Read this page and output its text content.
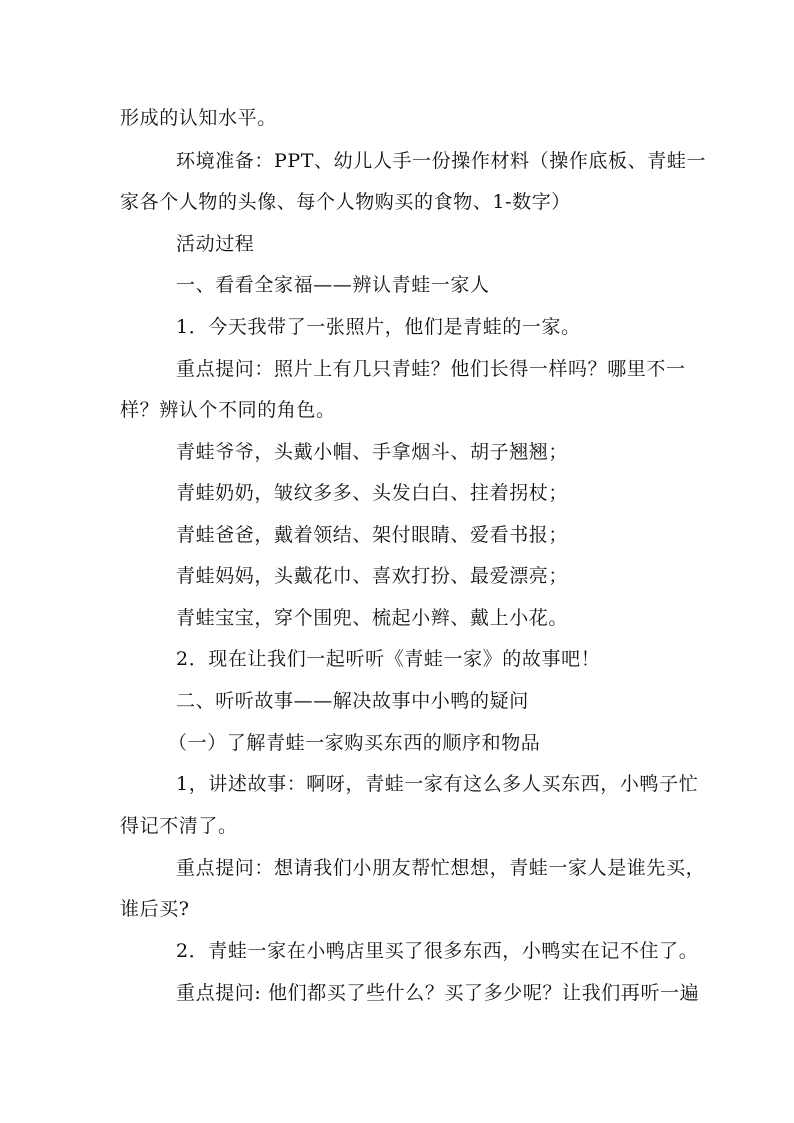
形成的认知水平。
环境准备：PPT、幼儿人手一份操作材料（操作底板、青蛙一
家各个人物的头像、每个人物购买的食物、1-数字）
活动过程
一、看看全家福——辨认青蛙一家人
1．今天我带了一张照片，他们是青蛙的一家。
重点提问：照片上有几只青蛙？他们长得一样吗？哪里不一
样？辨认个不同的角色。
青蛙爷爷，头戴小帽、手拿烟斗、胡子翘翘；
青蛙奶奶，皱纹多多、头发白白、拄着拐杖；
青蛙爸爸，戴着领结、架付眼睛、爱看书报；
青蛙妈妈，头戴花巾、喜欢打扮、最爱漂亮；
青蛙宝宝，穿个围兜、梳起小辫、戴上小花。
2．现在让我们一起听听《青蛙一家》的故事吧！
二、听听故事——解决故事中小鸭的疑问
（一）了解青蛙一家购买东西的顺序和物品
1，讲述故事：啊呀，青蛙一家有这么多人买东西，小鸭子忙
得记不清了。
重点提问：想请我们小朋友帮忙想想，青蛙一家人是谁先买，
谁后买?
2．青蛙一家在小鸭店里买了很多东西，小鸭实在记不住了。
重点提问: 他们都买了些什么？买了多少呢？让我们再听一遍
